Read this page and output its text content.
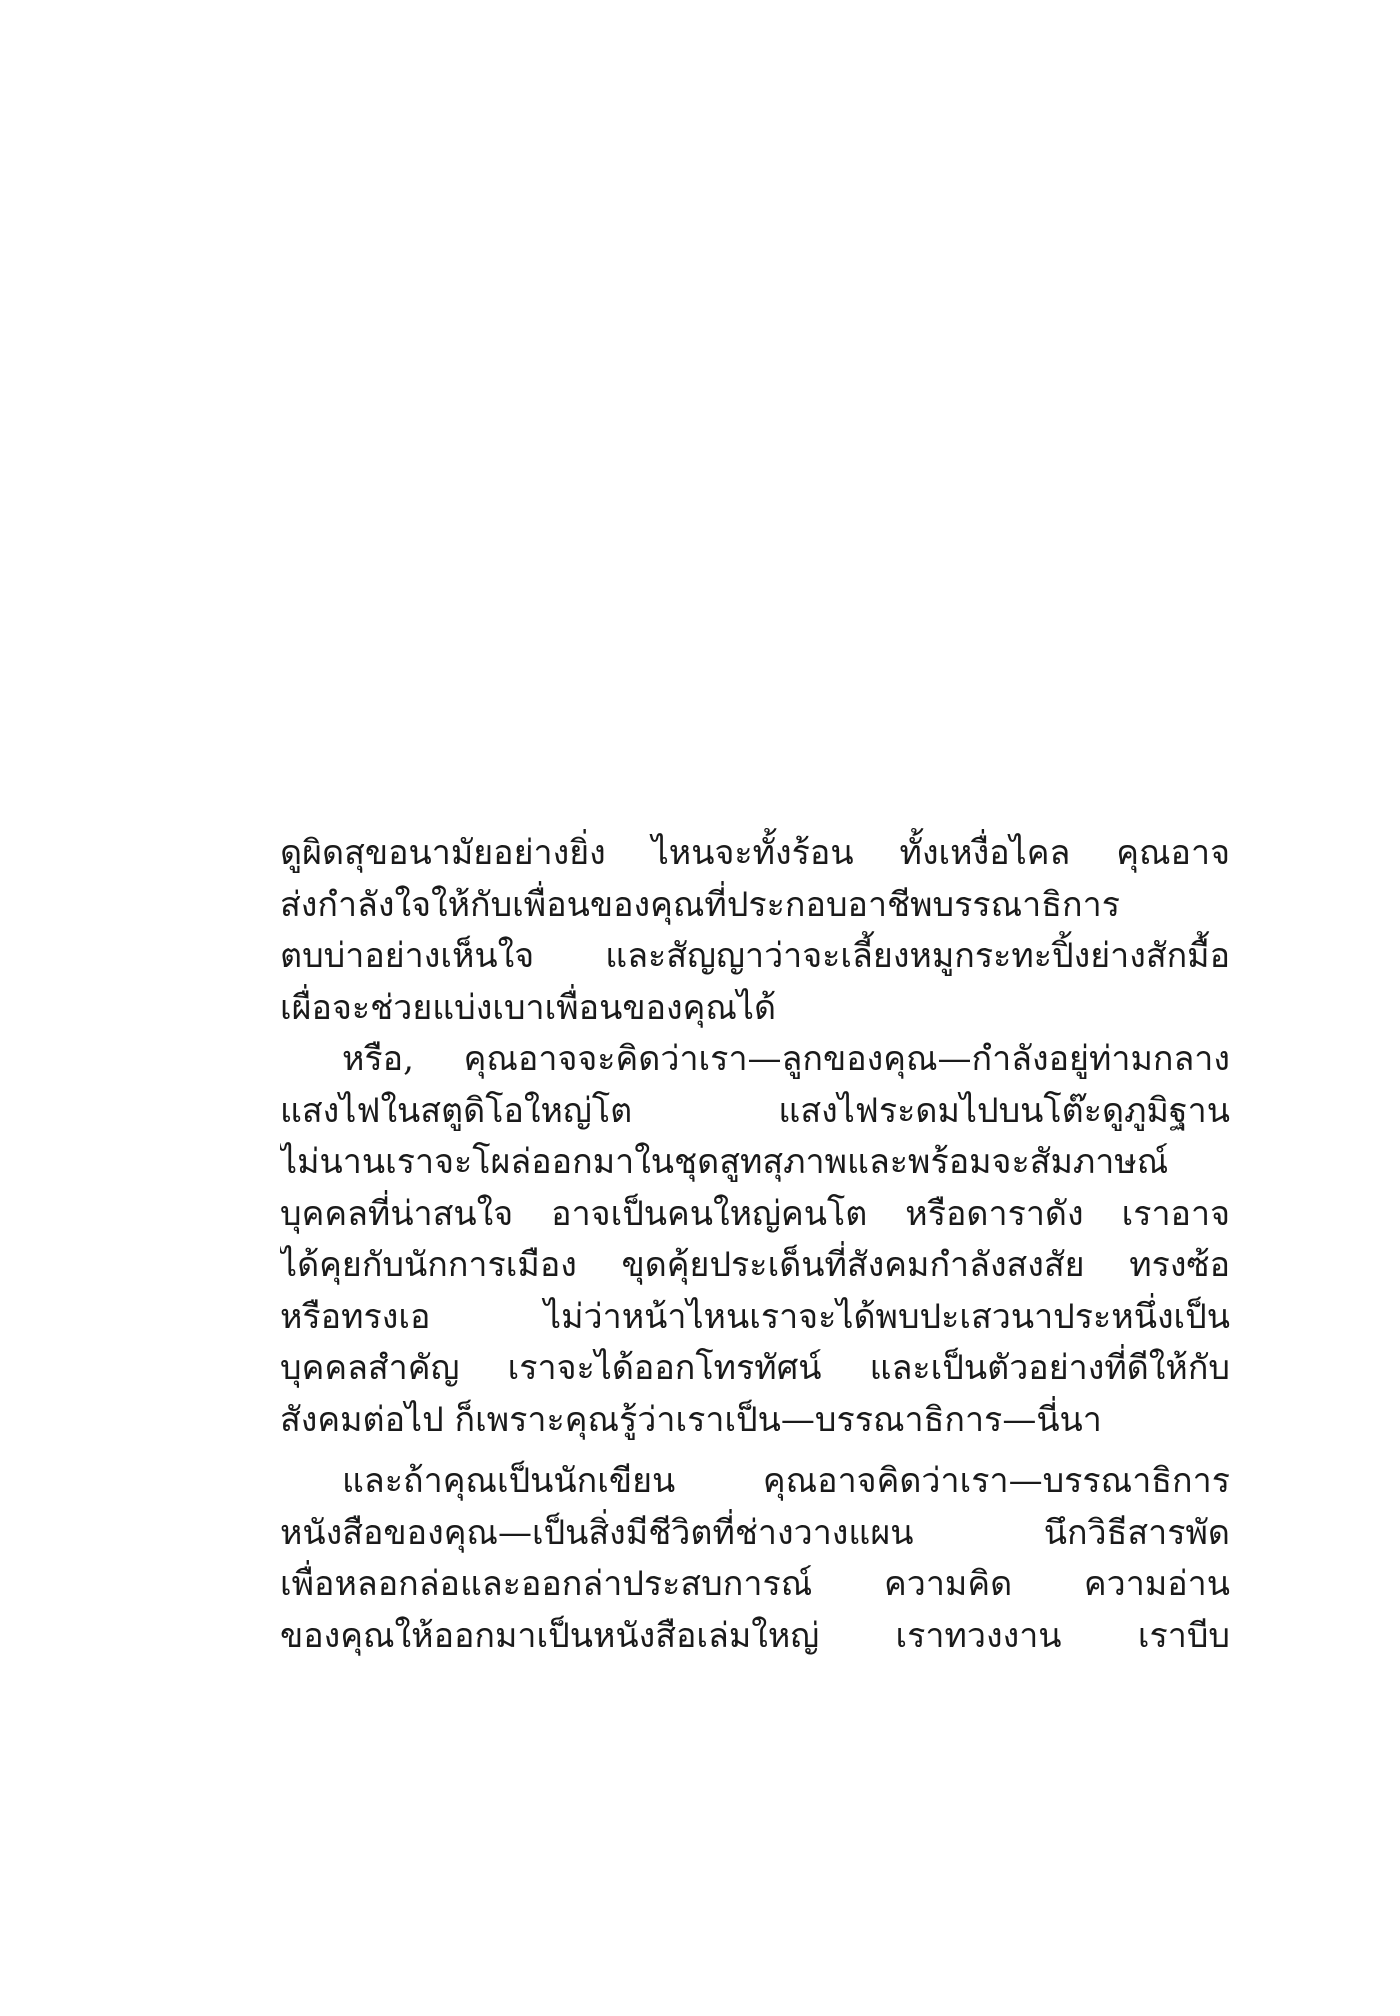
ดูผิดสุขอนามัยอย่างยิ่ง ไหนจะทั้งร้อน ทั้งเหงื่อไคล คุณอาจ
ส่งกำลังใจให้กับเพื่อนของคุณที่ประกอบอาชีพบรรณาธิการ
ตบบ่าอย่างเห็นใจ และสัญญาว่าจะเลี้ยงหมูกระทะปิ้งย่างสักมื้อ
เผื่อจะช่วยแบ่งเบาเพื่อนของคุณได้
หรือ, คุณอาจจะคิดว่าเรา—ลูกของคุณ—กำลังอยู่ท่ามกลาง
แสงไฟในสตูดิโอใหญ่โต แสงไฟระดมไปบนโต๊ะดูภูมิฐาน
ไม่นานเราจะโผล่ออกมาในชุดสูทสุภาพและพร้อมจะสัมภาษณ์
บุคคลที่น่าสนใจ อาจเป็นคนใหญ่คนโต หรือดาราดัง เราอาจ
ได้คุยกับนักการเมือง ขุดคุ้ยประเด็นที่สังคมกำลังสงสัย ทรงซ้อ
หรือทรงเอ ไม่ว่าหน้าไหนเราจะได้พบปะเสวนาประหนึ่งเป็น
บุคคลสำคัญ เราจะได้ออกโทรทัศน์ และเป็นตัวอย่างที่ดีให้กับ
สังคมต่อไป ก็เพราะคุณรู้ว่าเราเป็น—บรรณาธิการ—นี่นา
และถ้าคุณเป็นนักเขียน คุณอาจคิดว่าเรา—บรรณาธิการ
หนังสือของคุณ—เป็นสิ่งมีชีวิตที่ช่างวางแผน นึกวิธีสารพัด
เพื่อหลอกล่อและออกล่าประสบการณ์ ความคิด ความอ่าน
ของคุณให้ออกมาเป็นหนังสือเล่มใหญ่ เราทวงงาน เราบีบ
